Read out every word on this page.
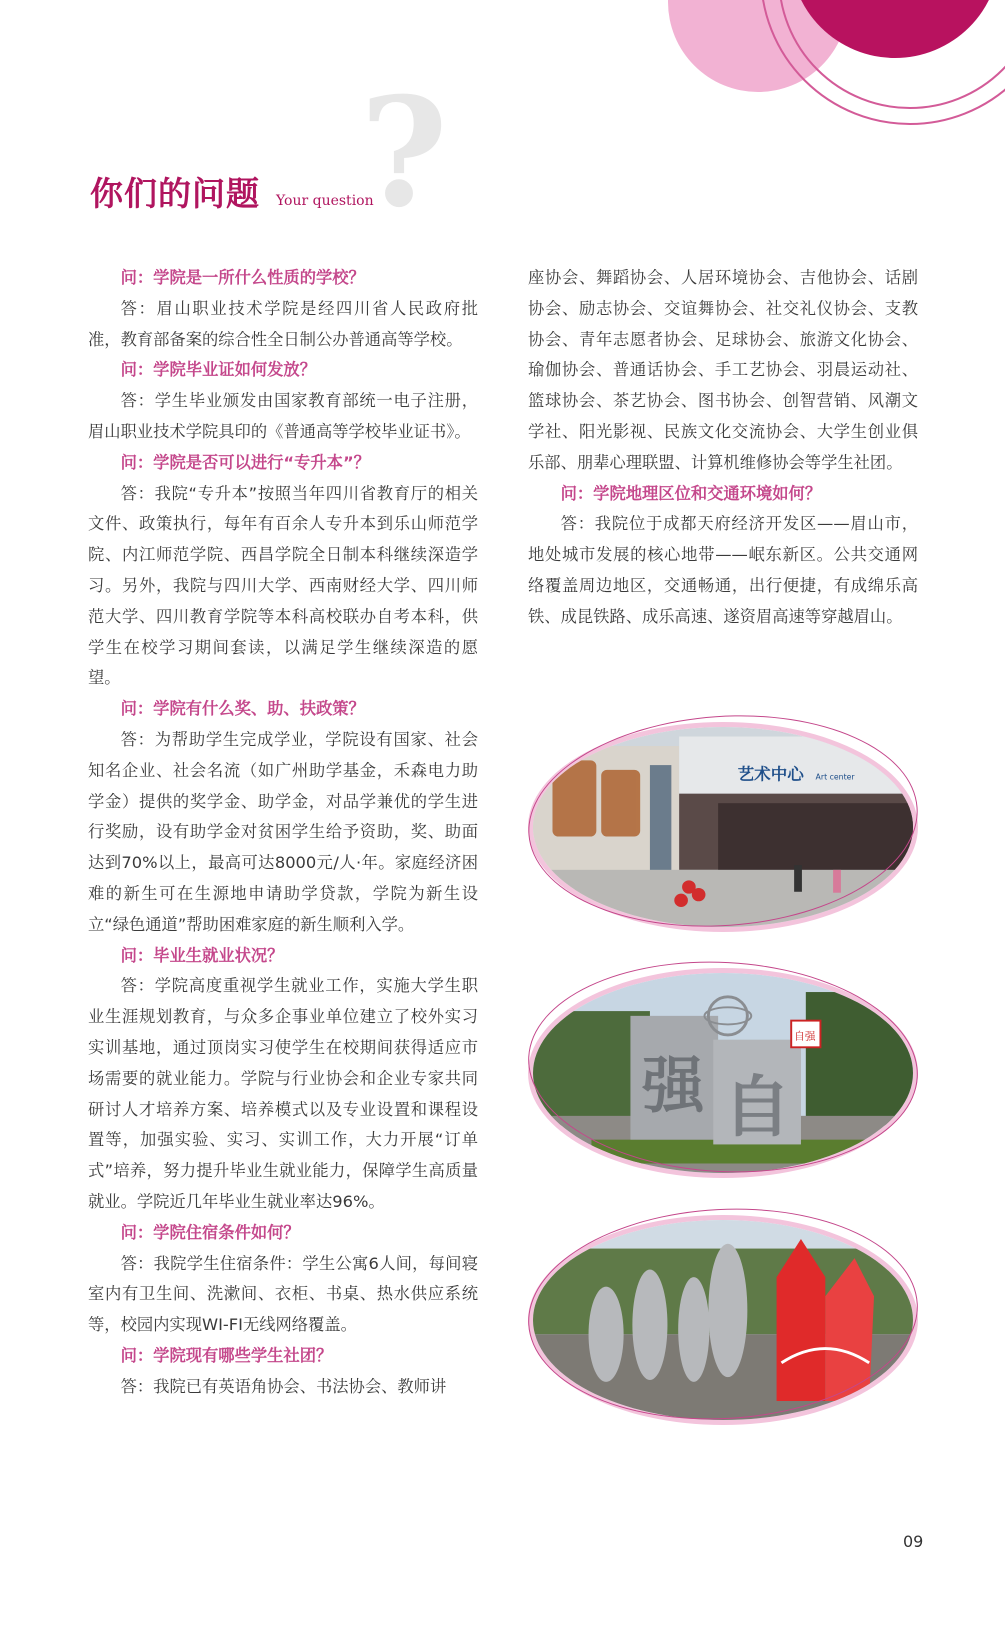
?
你们的问题 Your question

问：学院是一所什么性质的学校？

答：眉山职业技术学院是经四川省人民政府批准，教育部备案的综合性全日制公办普通高等学校。

问：学院毕业证如何发放？

答：学生毕业颁发由国家教育部统一电子注册，眉山职业技术学院具印的《普通高等学校毕业证书》。

问：学院是否可以进行“专升本”？

答：我院“专升本”按照当年四川省教育厅的相关文件、政策执行，每年有百余人专升本到乐山师范学院、内江师范学院、西昌学院全日制本科继续深造学习。另外，我院与四川大学、西南财经大学、四川师范大学、四川教育学院等本科高校联办自考本科，供学生在校学习期间套读，以满足学生继续深造的愿望。

问：学院有什么奖、助、扶政策？

答：为帮助学生完成学业，学院设有国家、社会知名企业、社会名流（如广州助学基金，禾森电力助学金）提供的奖学金、助学金，对品学兼优的学生进行奖励，设有助学金对贫困学生给予资助，奖、助面达到70%以上，最高可达8000元/人·年。家庭经济困难的新生可在生源地申请助学贷款，学院为新生设立“绿色通道”帮助困难家庭的新生顺利入学。

问：毕业生就业状况？

答：学院高度重视学生就业工作，实施大学生职业生涯规划教育，与众多企事业单位建立了校外实习实训基地，通过顶岗实习使学生在校期间获得适应市场需要的就业能力。学院与行业协会和企业专家共同研讨人才培养方案、培养模式以及专业设置和课程设置等，加强实验、实习、实训工作，大力开展“订单式”培养，努力提升毕业生就业能力，保障学生高质量就业。学院近几年毕业生就业率达96%。

问：学院住宿条件如何？

答：我院学生住宿条件：学生公寓6人间，每间寝室内有卫生间、洗漱间、衣柜、书桌、热水供应系统等，校园内实现WI-FI无线网络覆盖。

问：学院现有哪些学生社团？

答：我院已有英语角协会、书法协会、教师讲

座协会、舞蹈协会、人居环境协会、吉他协会、话剧协会、励志协会、交谊舞协会、社交礼仪协会、支教协会、青年志愿者协会、足球协会、旅游文化协会、瑜伽协会、普通话协会、手工艺协会、羽晨运动社、篮球协会、茶艺协会、图书协会、创智营销、风潮文学社、阳光影视、民族文化交流协会、大学生创业俱乐部、朋辈心理联盟、计算机维修协会等学生社团。

问：学院地理区位和交通环境如何？

答：我院位于成都天府经济开发区——眉山市，地处城市发展的核心地带——岷东新区。公共交通网络覆盖周边地区，交通畅通，出行便捷，有成绵乐高铁、成昆铁路、成乐高速、遂资眉高速等穿越眉山。

艺术中心 Art center
强 自
自强
09
